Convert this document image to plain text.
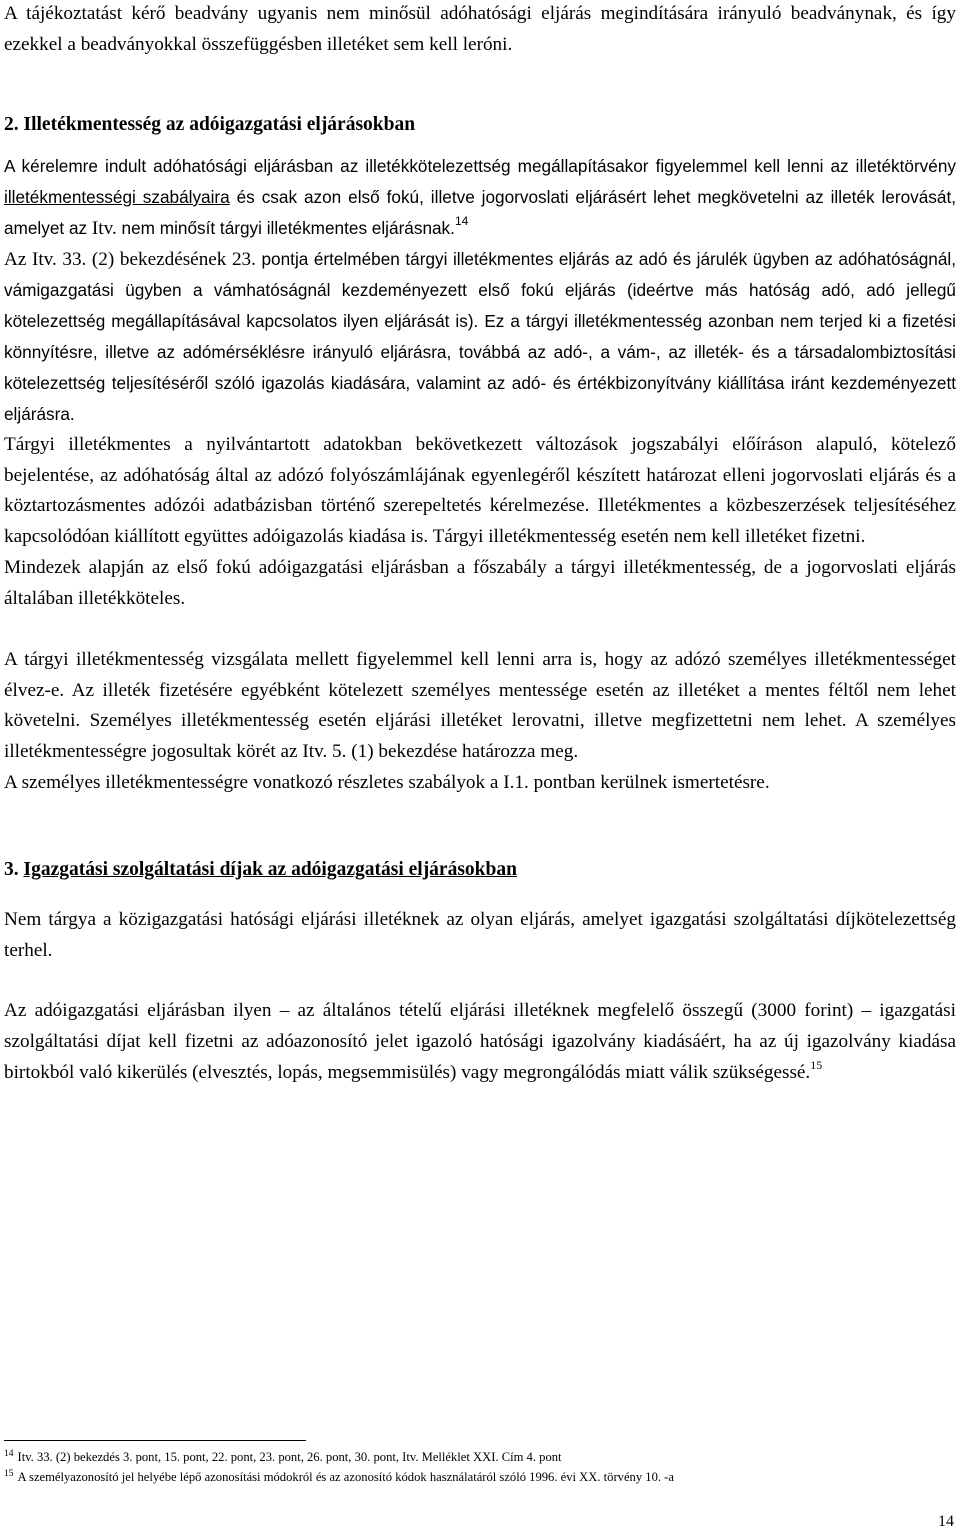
A tájékoztatást kérő beadvány ugyanis nem minősül adóhatósági eljárás megindítására irányuló beadványnak, és így ezekkel a beadványokkal összefüggésben illetéket sem kell leróni.

2. Illetékmentesség az adóigazgatási eljárásokban

A kérelemre indult adóhatósági eljárásban az illetékkötelezettség megállapításakor figyelemmel kell lenni az illetéktörvény illetékmentességi szabályaira és csak azon első fokú, illetve jogorvoslati eljárásért lehet megkövetelni az illeték lerovását, amelyet az Itv. nem minősít tárgyi illetékmentes eljárásnak.$^{14}$

Az Itv. 33. (2) bekezdésének 23. pontja értelmében tárgyi illetékmentes eljárás az adó és járulék ügyben az adóhatóságnál, vámigazgatási ügyben a vámhatóságnál kezdeményezett első fokú eljárás (ideértve más hatóság adó, adó jellegű kötelezettség megállapításával kapcsolatos ilyen eljárását is). Ez a tárgyi illetékmentesség azonban nem terjed ki a fizetési könnyítésre, illetve az adómérséklésre irányuló eljárásra, továbbá az adó-, a vám-, az illeték- és a társadalombiztosítási kötelezettség teljesítéséről szóló igazolás kiadására, valamint az adó- és értékbizonyítvány kiállítása iránt kezdeményezett eljárásra.

Tárgyi illetékmentes a nyilvántartott adatokban bekövetkezett változások jogszabályi előíráson alapuló, kötelező bejelentése, az adóhatóság által az adózó folyószámlájának egyenlegéről készített határozat elleni jogorvoslati eljárás és a köztartozásmentes adózói adatbázisban történő szerepeltetés kérelmezése. Illetékmentes a közbeszerzések teljesítéséhez kapcsolódóan kiállított együttes adóigazolás kiadása is. Tárgyi illetékmentesség esetén nem kell illetéket fizetni.

Mindezek alapján az első fokú adóigazgatási eljárásban a főszabály a tárgyi illetékmentesség, de a jogorvoslati eljárás általában illetékköteles.

A tárgyi illetékmentesség vizsgálata mellett figyelemmel kell lenni arra is, hogy az adózó személyes illetékmentességet élvez-e. Az illeték fizetésére egyébként kötelezett személyes mentessége esetén az illetéket a mentes féltől nem lehet követelni. Személyes illetékmentesség esetén eljárási illetéket lerovatni, illetve megfizettetni nem lehet. A személyes illetékmentességre jogosultak körét az Itv. 5. (1) bekezdése határozza meg.

A személyes illetékmentességre vonatkozó részletes szabályok a I.1. pontban kerülnek ismertetésre.

3. Igazgatási szolgáltatási díjak az adóigazgatási eljárásokban

Nem tárgya a közigazgatási hatósági eljárási illetéknek az olyan eljárás, amelyet igazgatási szolgáltatási díjkötelezettség terhel.

Az adóigazgatási eljárásban ilyen – az általános tételű eljárási illetéknek megfelelő összegű (3000 forint) – igazgatási szolgáltatási díjat kell fizetni az adóazonosító jelet igazoló hatósági igazolvány kiadásáért, ha az új igazolvány kiadása birtokból való kikerülés (elvesztés, lopás, megsemmisülés) vagy megrongálódás miatt válik szükségessé.$^{15}$

$^{14}$ Itv. 33. (2) bekezdés 3. pont, 15. pont, 22. pont, 23. pont, 26. pont, 30. pont, Itv. Melléklet XXI. Cím 4. pont
$^{15}$ A személyazonosító jel helyébe lépő azonosítási módokról és az azonosító kódok használatáról szóló 1996. évi XX. törvény 10. -a
14
